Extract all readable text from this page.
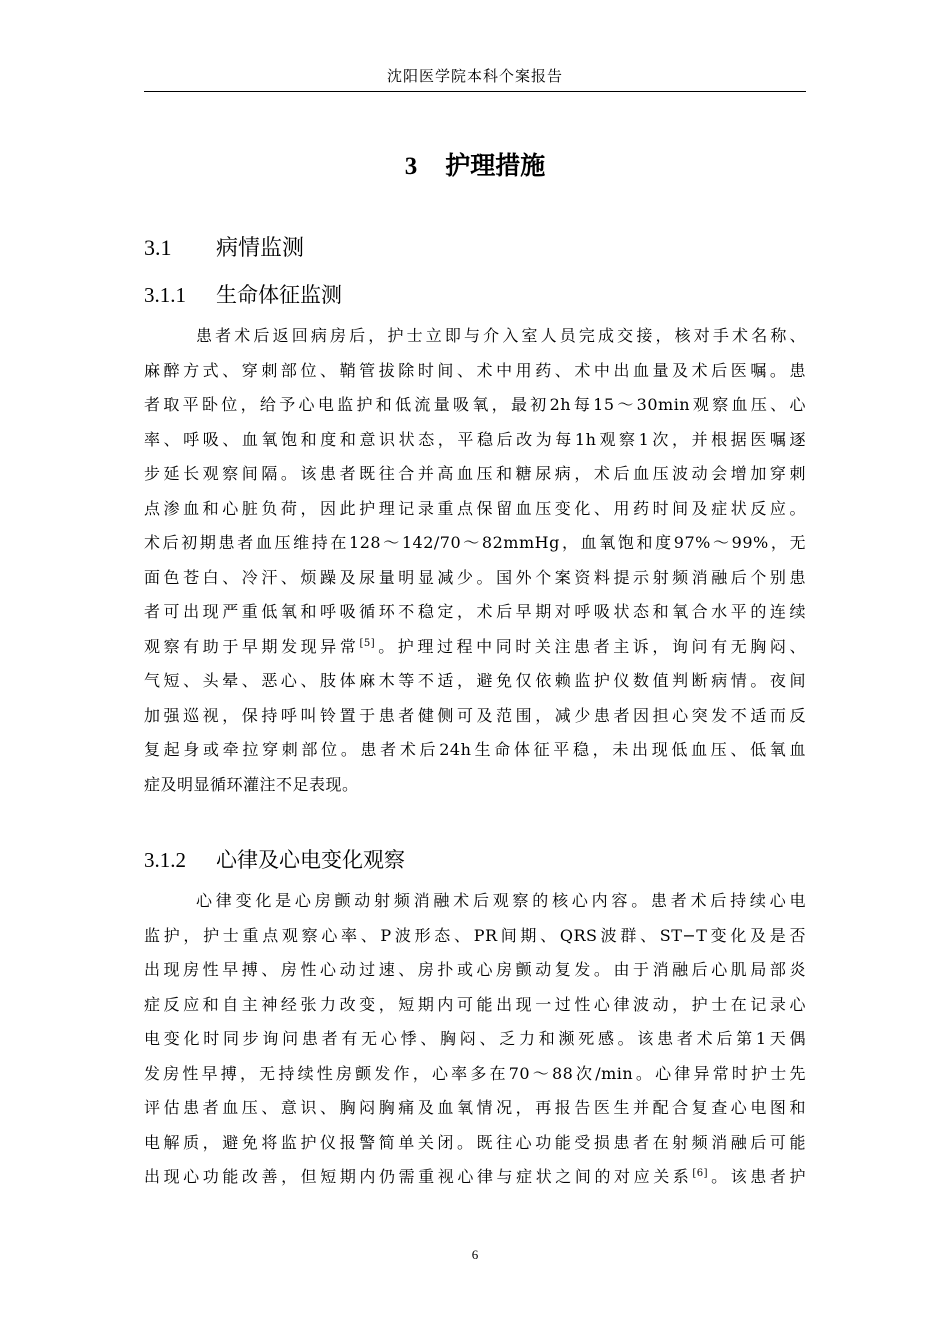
沈阳医学院本科个案报告
3 护理措施
3.1 病情监测
3.1.1 生命体征监测
患者术后返回病房后，护士立即与介入室人员完成交接，核对手术名称、
麻醉方式、穿刺部位、鞘管拔除时间、术中用药、术中出血量及术后医嘱。患
者取平卧位，给予心电监护和低流量吸氧，最初2h每15～30min观察血压、心
率、呼吸、血氧饱和度和意识状态，平稳后改为每1h观察1次，并根据医嘱逐
步延长观察间隔。该患者既往合并高血压和糖尿病，术后血压波动会增加穿刺
点渗血和心脏负荷，因此护理记录重点保留血压变化、用药时间及症状反应。
术后初期患者血压维持在128～142/70～82mmHg，血氧饱和度97%～99%，无
面色苍白、冷汗、烦躁及尿量明显减少。国外个案资料提示射频消融后个别患
者可出现严重低氧和呼吸循环不稳定，术后早期对呼吸状态和氧合水平的连续
观察有助于早期发现异常[5]。护理过程中同时关注患者主诉，询问有无胸闷、
气短、头晕、恶心、肢体麻木等不适，避免仅依赖监护仪数值判断病情。夜间
加强巡视，保持呼叫铃置于患者健侧可及范围，减少患者因担心突发不适而反
复起身或牵拉穿刺部位。患者术后24h生命体征平稳，未出现低血压、低氧血
症及明显循环灌注不足表现。
3.1.2 心律及心电变化观察
心律变化是心房颤动射频消融术后观察的核心内容。患者术后持续心电
监护，护士重点观察心率、P波形态、PR间期、QRS波群、ST−T变化及是否
出现房性早搏、房性心动过速、房扑或心房颤动复发。由于消融后心肌局部炎
症反应和自主神经张力改变，短期内可能出现一过性心律波动，护士在记录心
电变化时同步询问患者有无心悸、胸闷、乏力和濒死感。该患者术后第1天偶
发房性早搏，无持续性房颤发作，心率多在70～88次/min。心律异常时护士先
评估患者血压、意识、胸闷胸痛及血氧情况，再报告医生并配合复查心电图和
电解质，避免将监护仪报警简单关闭。既往心功能受损患者在射频消融后可能
出现心功能改善，但短期内仍需重视心律与症状之间的对应关系[6]。该患者护
6
